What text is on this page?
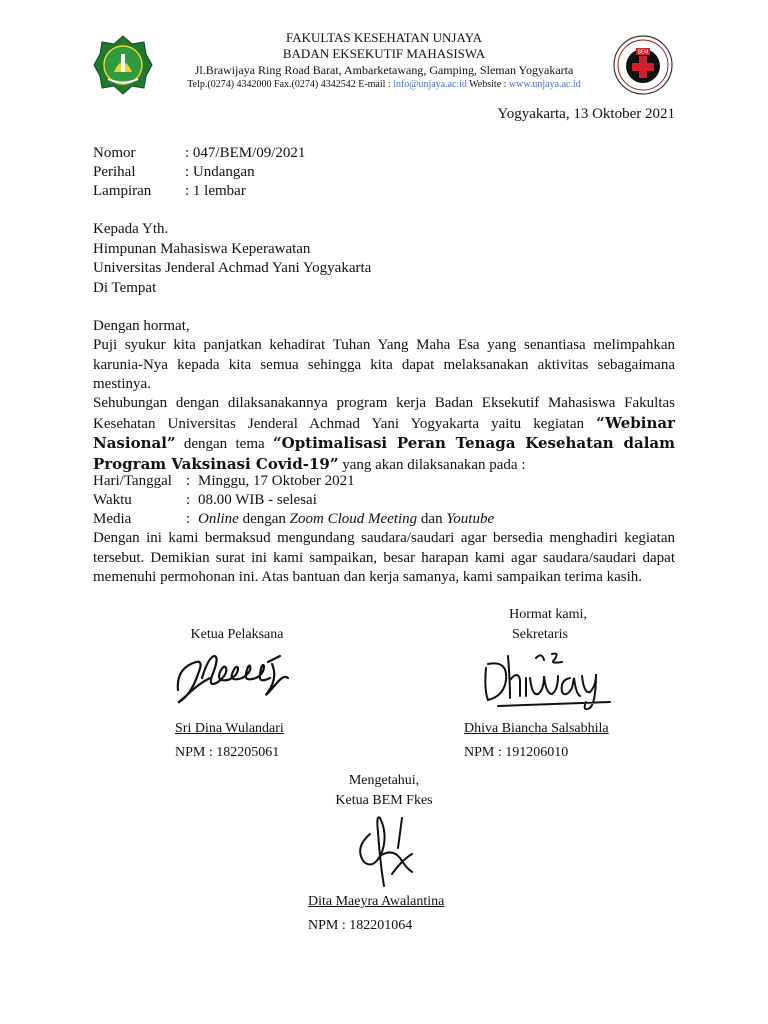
FAKULTAS KESEHATAN UNJAYA
BADAN EKSEKUTIF MAHASISWA
Jl.Brawijaya Ring Road Barat, Ambarketawang, Gamping, Sleman Yogyakarta
Telp.(0274) 4342000 Fax.(0274) 4342542 E-mail : info@unjaya.ac.id Website : www.unjaya.ac.id
BEM
Yogyakarta, 13 Oktober 2021
Nomor	: 047/BEM/09/2021
Perihal	: Undangan
Lampiran : 1 lembar
Kepada Yth.
Himpunan Mahasiswa Keperawatan
Universitas Jenderal Achmad Yani Yogyakarta
Di Tempat
Dengan hormat,
Puji syukur kita panjatkan kehadirat Tuhan Yang Maha Esa yang senantiasa melimpahkan karunia-Nya kepada kita semua sehingga kita dapat melaksanakan aktivitas sebagaimana mestinya.
Sehubungan dengan dilaksanakannya program kerja Badan Eksekutif Mahasiswa Fakultas Kesehatan Universitas Jenderal Achmad Yani Yogyakarta yaitu kegiatan “Webinar Nasional” dengan tema “Optimalisasi Peran Tenaga Kesehatan dalam Program Vaksinasi Covid-19” yang akan dilaksanakan pada :
Hari/Tanggal : Minggu, 17 Oktober 2021
Waktu	: 08.00 WIB - selesai
Media	: Online dengan Zoom Cloud Meeting dan Youtube
Dengan ini kami bermaksud mengundang saudara/saudari agar bersedia menghadiri kegiatan tersebut. Demikian surat ini kami sampaikan, besar harapan kami agar saudara/saudari dapat memenuhi permohonan ini. Atas bantuan dan kerja samanya, kami sampaikan terima kasih.
Hormat kami,
Ketua Pelaksana	Sekretaris
Sri Dina Wulandari	Dhiva Biancha Salsabhila
NPM : 182205061	NPM : 191206010
Mengetahui,
Ketua BEM Fkes
Dita Maeyra Awalantina
NPM : 182201064
